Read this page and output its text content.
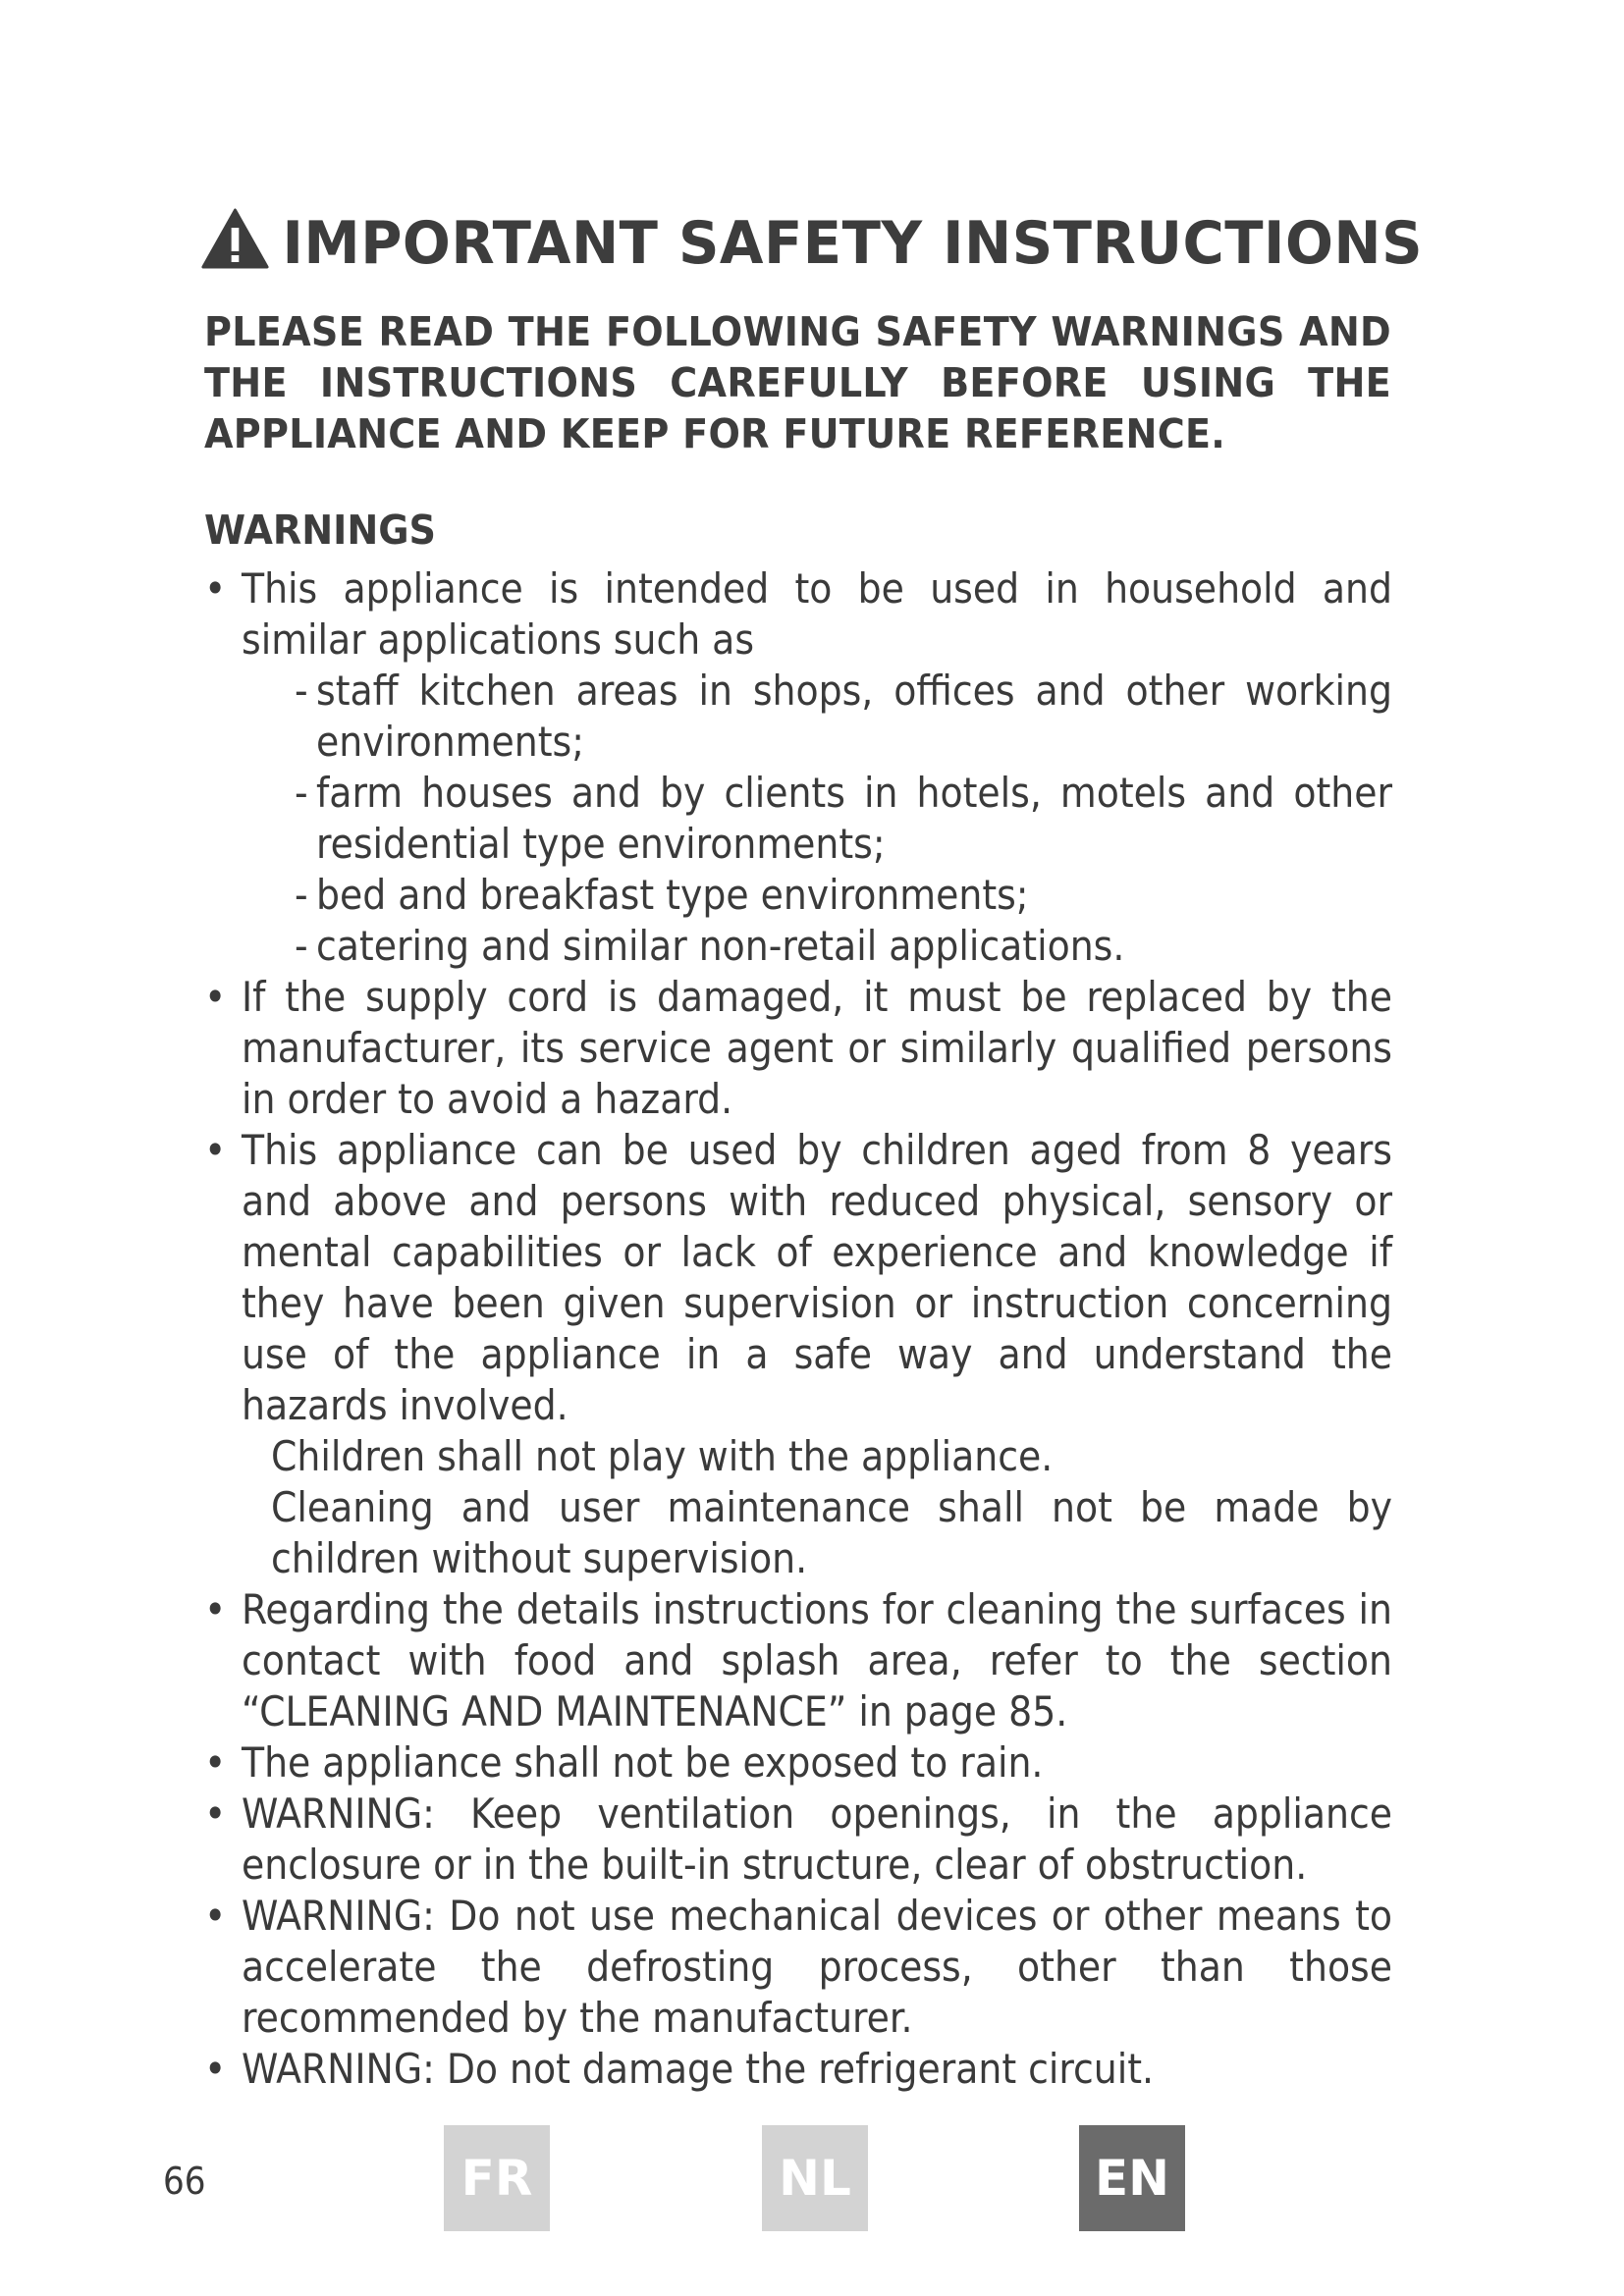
IMPORTANT SAFETY INSTRUCTIONS
PLEASE READ THE FOLLOWING SAFETY WARNINGS AND THE INSTRUCTIONS CAREFULLY BEFORE USING THE APPLIANCE AND KEEP FOR FUTURE REFERENCE.
WARNINGS
• This appliance is intended to be used in household and similar applications such as
- staff kitchen areas in shops, offices and other working environments;
- farm houses and by clients in hotels, motels and other residential type environments;
- bed and breakfast type environments;
- catering and similar non-retail applications.
• If the supply cord is damaged, it must be replaced by the manufacturer, its service agent or similarly qualified persons in order to avoid a hazard.
• This appliance can be used by children aged from 8 years and above and persons with reduced physical, sensory or mental capabilities or lack of experience and knowledge if they have been given supervision or instruction concerning use of the appliance in a safe way and understand the hazards involved.
Children shall not play with the appliance.
Cleaning and user maintenance shall not be made by children without supervision.
• Regarding the details instructions for cleaning the surfaces in contact with food and splash area, refer to the section “CLEANING AND MAINTENANCE” in page 85.
• The appliance shall not be exposed to rain.
• WARNING: Keep ventilation openings, in the appliance enclosure or in the built-in structure, clear of obstruction.
• WARNING: Do not use mechanical devices or other means to accelerate the defrosting process, other than those recommended by the manufacturer.
• WARNING: Do not damage the refrigerant circuit.
66	FR	NL	EN
